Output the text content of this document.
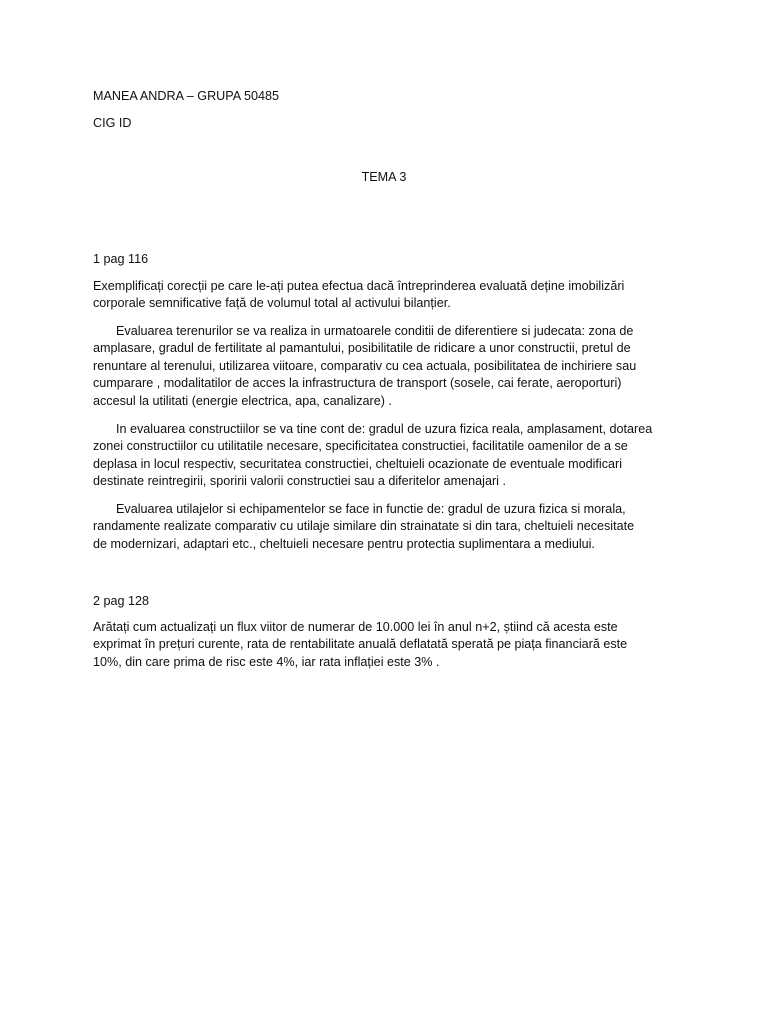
MANEA ANDRA – GRUPA 50485
CIG ID
TEMA 3
1 pag 116
Exemplificați corecții pe care le-ați putea efectua dacă întreprinderea evaluată deține imobilizări
corporale semnificative față de volumul total al activului bilanțier.
Evaluarea terenurilor se va realiza in urmatoarele conditii de diferentiere si judecata: zona de
amplasare, gradul de fertilitate al pamantului, posibilitatile de ridicare a unor constructii, pretul de
renuntare al terenului, utilizarea viitoare, comparativ cu cea actuala, posibilitatea de inchiriere sau
cumparare , modalitatilor de acces la infrastructura de transport (sosele, cai ferate, aeroporturi)
accesul la utilitati (energie electrica, apa, canalizare) .
In evaluarea constructiilor se va tine cont de: gradul de uzura fizica reala, amplasament, dotarea
zonei constructiilor cu utilitatile necesare, specificitatea constructiei, facilitatile oamenilor de a se
deplasa in locul respectiv, securitatea constructiei, cheltuieli ocazionate de eventuale modificari
destinate reintregirii, sporirii valorii constructiei sau a diferitelor amenajari .
Evaluarea utilajelor si echipamentelor se face in functie de: gradul de uzura fizica si morala,
randamente realizate comparativ cu utilaje similare din strainatate si din tara, cheltuieli necesitate
de modernizari, adaptari etc., cheltuieli necesare pentru protectia suplimentara a mediului.
2 pag 128
Arătați cum actualizați un flux viitor de numerar de 10.000 lei în anul n+2, știind că acesta este
exprimat în prețuri curente, rata de rentabilitate anuală deflatată sperată pe piața financiară este
10%, din care prima de risc este 4%, iar rata inflației este 3% .
